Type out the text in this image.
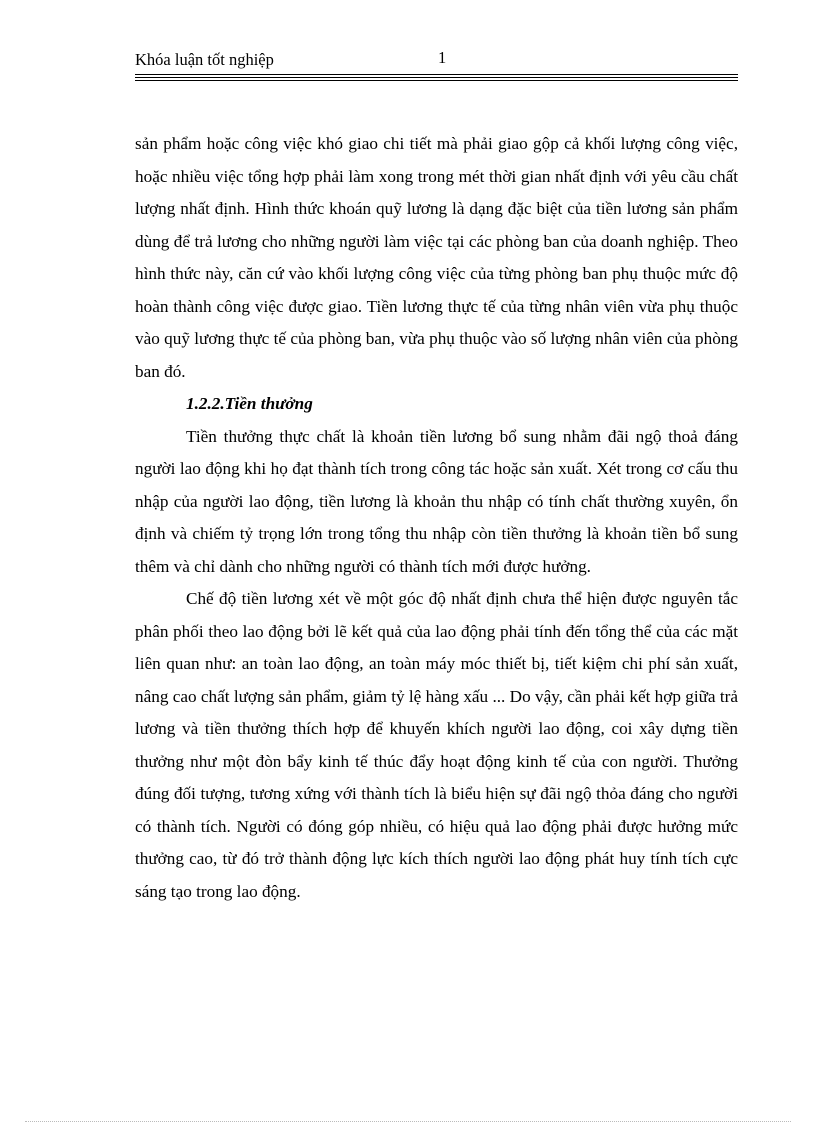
Khóa luận tốt nghiệp	1

sản phẩm hoặc công việc khó giao chi tiết mà phải giao gộp cả khối lượng công việc, hoặc nhiều việc tổng hợp phải làm xong trong mét thời gian nhất định với yêu cầu chất lượng nhất định. Hình thức khoán quỹ lương là dạng đặc biệt của tiền lương sản phẩm dùng để trả lương cho những người làm việc tại các phòng ban của doanh nghiệp. Theo hình thức này, căn cứ vào khối lượng công việc của từng phòng ban phụ thuộc mức độ hoàn thành công việc được giao. Tiền lương thực tế của từng nhân viên vừa phụ thuộc vào quỹ lương thực tế của phòng ban, vừa phụ thuộc vào số lượng nhân viên của phòng ban đó.

1.2.2.Tiền thưởng

Tiền thưởng thực chất là khoản tiền lương bổ sung nhằm đãi ngộ thoả đáng người lao động khi họ đạt thành tích trong công tác hoặc sản xuất. Xét trong cơ cấu thu nhập của người lao động, tiền lương là khoản thu nhập có tính chất thường xuyên, ổn định và chiếm tỷ trọng lớn trong tổng thu nhập còn tiền thưởng là khoản tiền bổ sung thêm và chỉ dành cho những người có thành tích mới được hưởng.

Chế độ tiền lương xét về một góc độ nhất định chưa thể hiện được nguyên tắc phân phối theo lao động bởi lẽ kết quả của lao động phải tính đến tổng thể của các mặt liên quan như: an toàn lao động, an toàn máy móc thiết bị, tiết kiệm chi phí sản xuất, nâng cao chất lượng sản phẩm, giảm tỷ lệ hàng xấu ... Do vậy, cần phải kết hợp giữa trả lương và tiền thưởng thích hợp để khuyến khích người lao động, coi xây dựng tiền thưởng như một đòn bẩy kinh tế thúc đẩy hoạt động kinh tế của con người. Thưởng đúng đối tượng, tương xứng với thành tích là biểu hiện sự đãi ngộ thỏa đáng cho người có thành tích. Người có đóng góp nhiều, có hiệu quả lao động phải được hưởng mức thưởng cao, từ đó trở thành động lực kích thích người lao động phát huy tính tích cực sáng tạo trong lao động.
